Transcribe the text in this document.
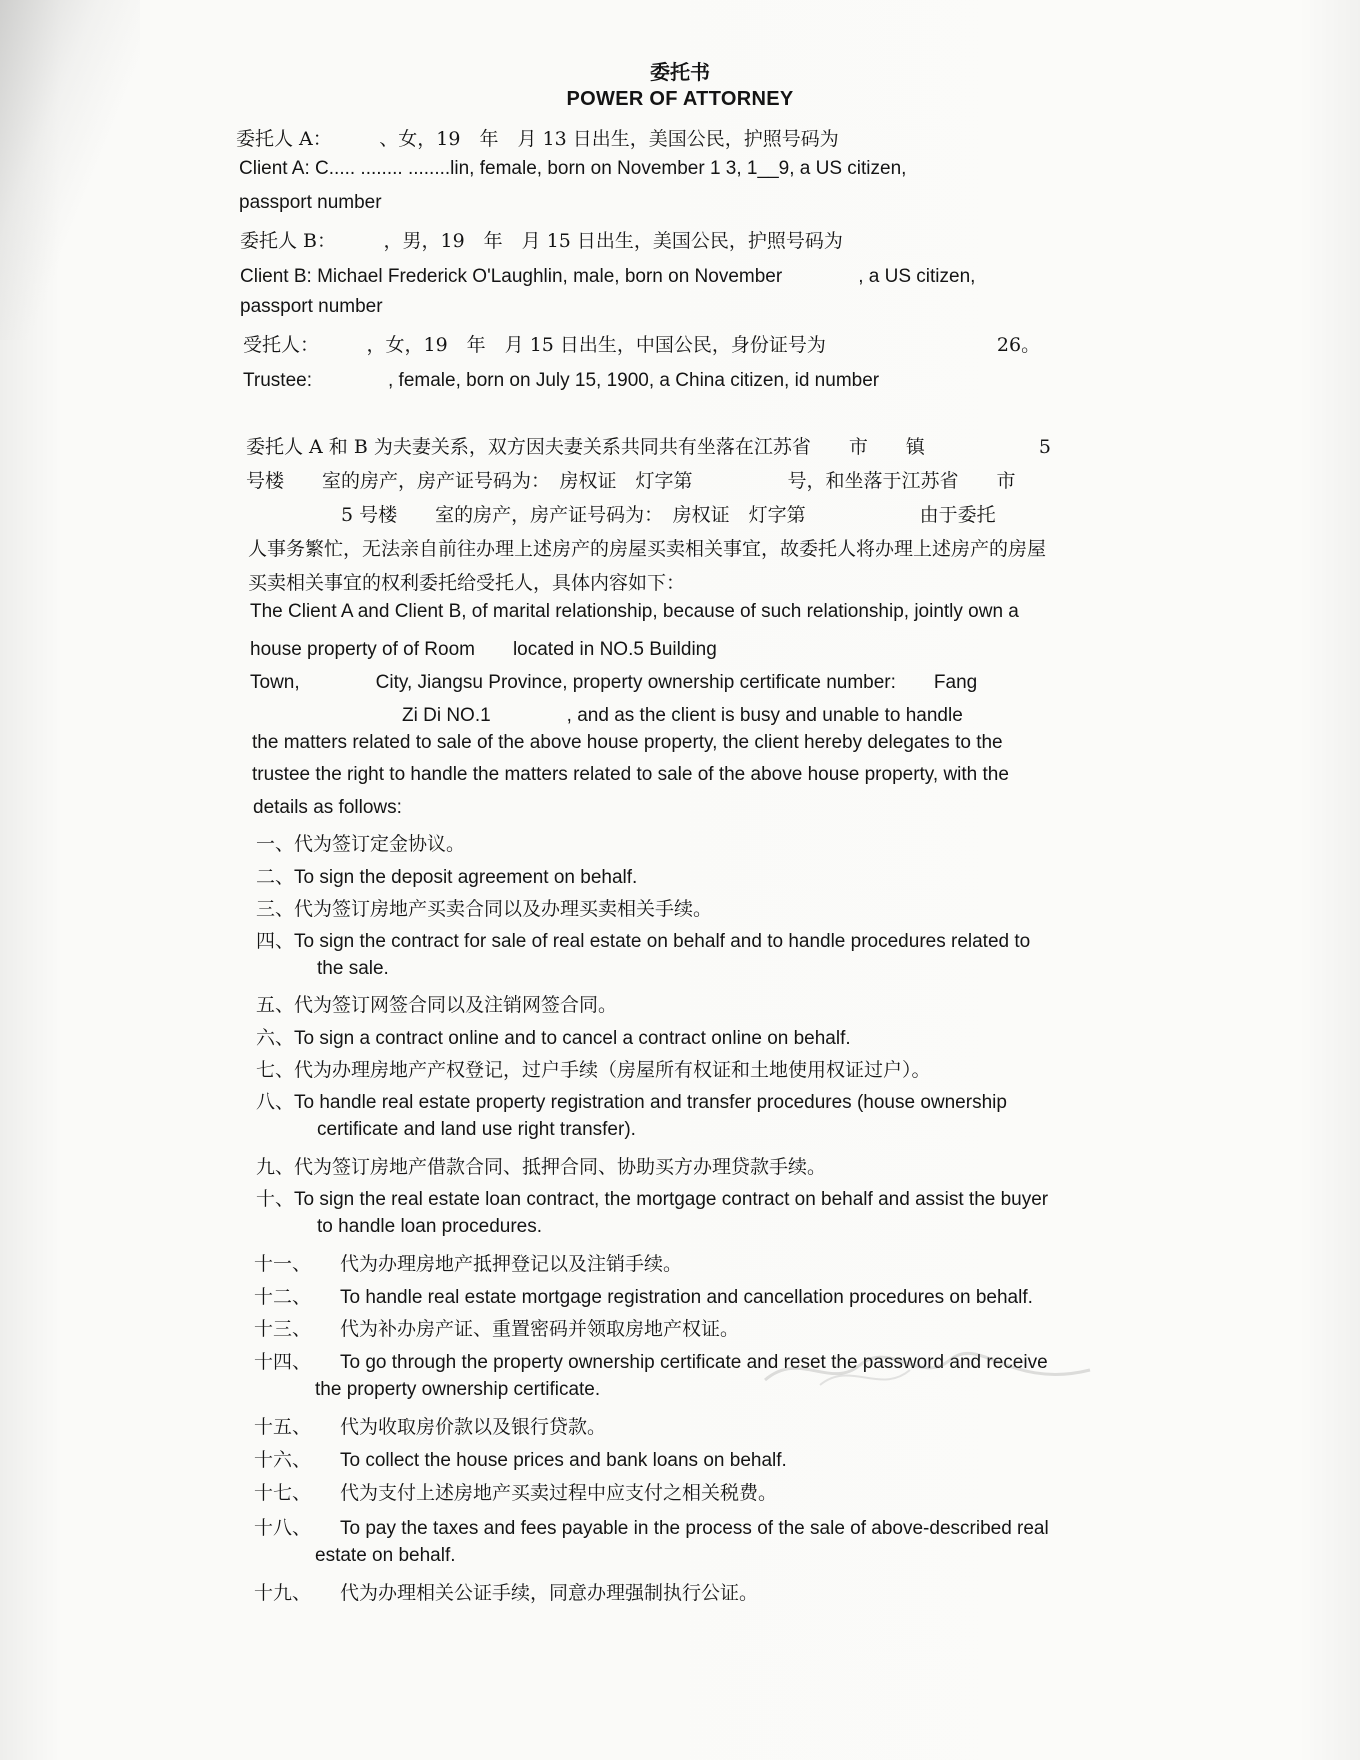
委托书
POWER OF ATTORNEY
委托人 A：　　　、女，19　年　月 13 日出生，美国公民，护照号码为
Client A: C..... ........ ........lin, female, born on November 1 3, 1__9, a US citizen,
passport number
委托人 B：　　　，男，19　年　月 15 日出生，美国公民，护照号码为
Client B: Michael Frederick O'Laughlin, male, born on November　　　　, a US citizen,
passport number
受托人：　　　，女，19　年　月 15 日出生，中国公民，身份证号为　　　　　　　　　26。
Trustee:　　　　, female, born on July 15, 1900, a China citizen, id number
委托人 A 和 B 为夫妻关系，双方因夫妻关系共同共有坐落在江苏省　　市　　镇　　　　　　5
号楼　　室的房产，房产证号码为：　房权证　灯字第　　　　　号，和坐落于江苏省　　市
　　　　　5 号楼　　室的房产，房产证号码为：　房权证　灯字第　　　　　　由于委托
人事务繁忙，无法亲自前往办理上述房产的房屋买卖相关事宜，故委托人将办理上述房产的房屋
买卖相关事宜的权利委托给受托人，具体内容如下：
The Client A and Client B, of marital relationship, because of such relationship, jointly own a
house property of of Room　　located in NO.5 Building
Town,　　　　City, Jiangsu Province, property ownership certificate number:　　Fang
　　　　　　　　Zi Di NO.1　　　　, and as the client is busy and unable to handle
the matters related to sale of the above house property, the client hereby delegates to the
trustee the right to handle the matters related to sale of the above house property, with the
details as follows:
一、代为签订定金协议。
二、To sign the deposit agreement on behalf.
三、代为签订房地产买卖合同以及办理买卖相关手续。
四、To sign the contract for sale of real estate on behalf and to handle procedures related to
the sale.
五、代为签订网签合同以及注销网签合同。
六、To sign a contract online and to cancel a contract online on behalf.
七、代为办理房地产产权登记，过户手续（房屋所有权证和土地使用权证过户）。
八、To handle real estate property registration and transfer procedures (house ownership
certificate and land use right transfer).
九、代为签订房地产借款合同、抵押合同、协助买方办理贷款手续。
十、To sign the real estate loan contract, the mortgage contract on behalf and assist the buyer
to handle loan procedures.
十一、 代为办理房地产抵押登记以及注销手续。
十二、 To handle real estate mortgage registration and cancellation procedures on behalf.
十三、 代为补办房产证、重置密码并领取房地产权证。
十四、 To go through the property ownership certificate and reset the password and receive
the property ownership certificate.
十五、 代为收取房价款以及银行贷款。
十六、 To collect the house prices and bank loans on behalf.
十七、 代为支付上述房地产买卖过程中应支付之相关税费。
十八、 To pay the taxes and fees payable in the process of the sale of above-described real
estate on behalf.
十九、 代为办理相关公证手续，同意办理强制执行公证。
